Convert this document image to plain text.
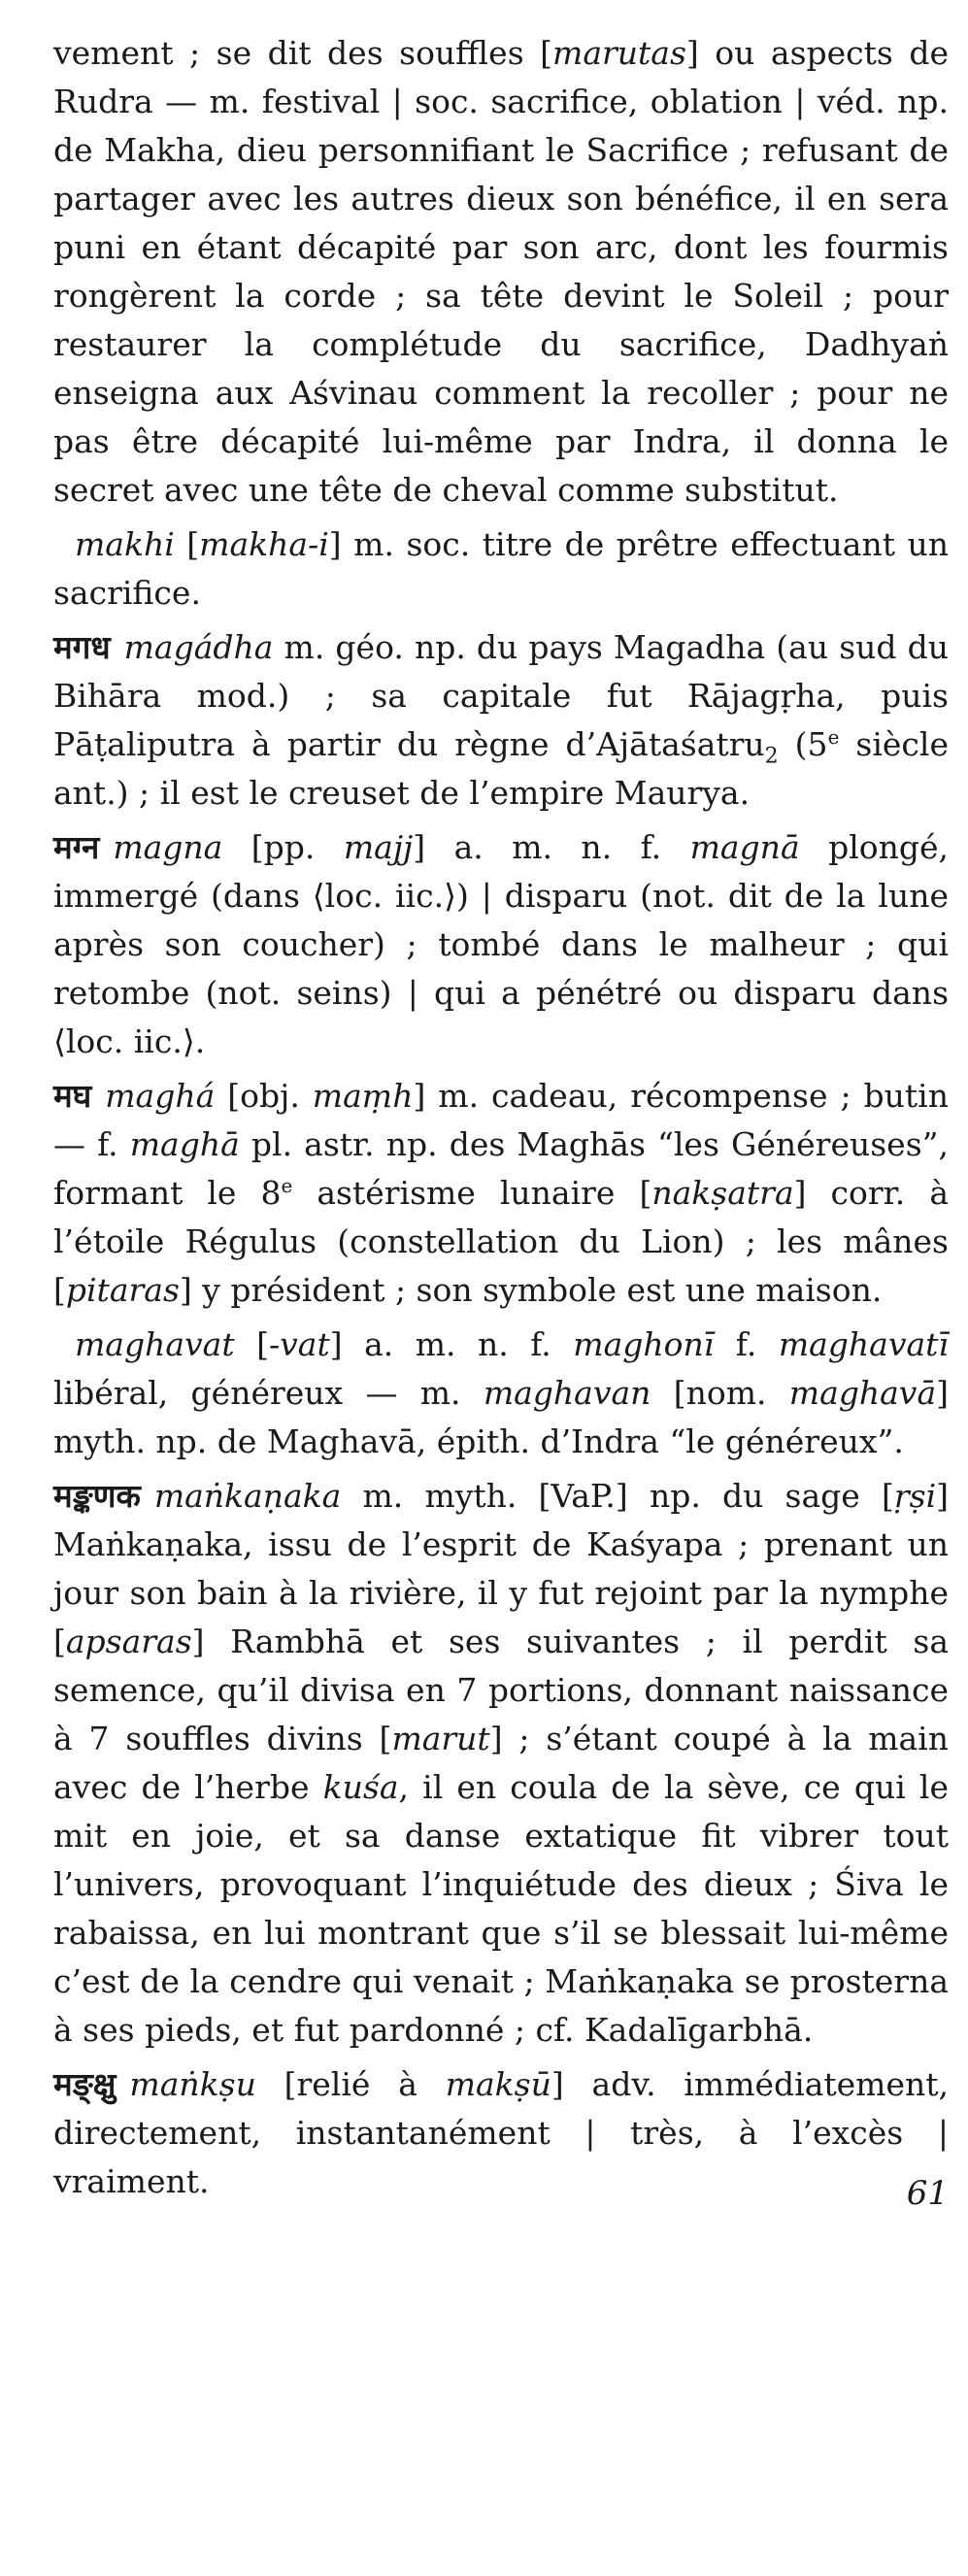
vement ; se dit des souffles [marutas] ou aspects de Rudra — m. festival | soc. sacrifice, oblation | véd. np. de Makha, dieu personnifiant le Sacrifice ; refusant de partager avec les autres dieux son bénéfice, il en sera puni en étant décapité par son arc, dont les fourmis rongèrent la corde ; sa tête devint le Soleil ; pour restaurer la complétude du sacrifice, Dadhyaṅ enseigna aux Aśvinau comment la recoller ; pour ne pas être décapité lui-même par Indra, il donna le secret avec une tête de cheval comme substitut.

makhi [makha-i] m. soc. titre de prêtre effectuant un sacrifice.

मगध magádha m. géo. np. du pays Magadha (au sud du Bihāra mod.) ; sa capitale fut Rājagṛha, puis Pāṭaliputra à partir du règne d’Ajātaśatru$_2$ (5e siècle ant.) ; il est le creuset de l’empire Maurya.

मग्न magna [pp. majj] a. m. n. f. magnā plongé, immergé (dans ⟨loc. iic.⟩) | disparu (not. dit de la lune après son coucher) ; tombé dans le malheur ; qui retombe (not. seins) | qui a pénétré ou disparu dans ⟨loc. iic.⟩.

मघ maghá [obj. maṃh] m. cadeau, récompense ; butin — f. maghā pl. astr. np. des Maghās “les Généreuses”, formant le 8e astérisme lunaire [nakṣatra] corr. à l’étoile Régulus (constellation du Lion) ; les mânes [pitaras] y président ; son symbole est une maison.

maghavat [-vat] a. m. n. f. maghonī f. maghavatī libéral, généreux — m. maghavan [nom. maghavā] myth. np. de Maghavā, épith. d’Indra “le généreux”.

मङ्कणक maṅkaṇaka m. myth. [VaP.] np. du sage [ṛṣi] Maṅkaṇaka, issu de l’esprit de Kaśyapa ; prenant un jour son bain à la rivière, il y fut rejoint par la nymphe [apsaras] Rambhā et ses suivantes ; il perdit sa semence, qu’il divisa en 7 portions, donnant naissance à 7 souffles divins [marut] ; s’étant coupé à la main avec de l’herbe kuśa, il en coula de la sève, ce qui le mit en joie, et sa danse extatique fit vibrer tout l’univers, provoquant l’inquiétude des dieux ; Śiva le rabaissa, en lui montrant que s’il se blessait lui-même c’est de la cendre qui venait ; Maṅkaṇaka se prosterna à ses pieds, et fut pardonné ; cf. Kadalīgarbhā.

मङ्क्षु maṅkṣu [relié à makṣū] adv. immédiatement, directement, instantanément | très, à l’excès | vraiment.	61
